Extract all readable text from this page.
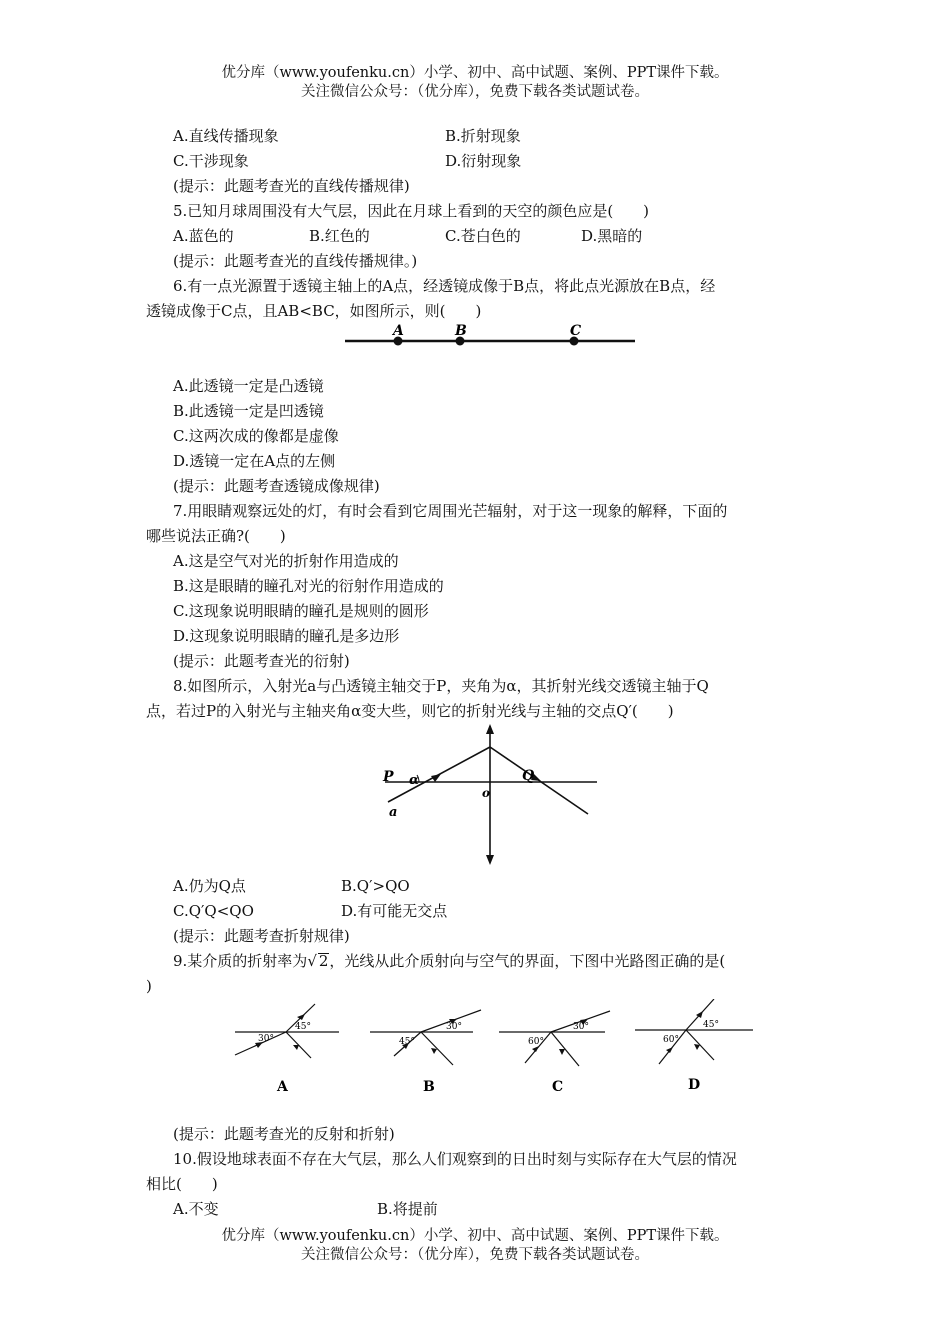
优分库（www.youfenku.cn）小学、初中、高中试题、案例、PPT课件下载。
关注微信公众号：（优分库），免费下载各类试题试卷。
A.直线传播现象	B.折射现象
C.干涉现象	D.衍射现象
(提示：此题考查光的直线传播规律)
5.已知月球周围没有大气层，因此在月球上看到的天空的颜色应是(　　)
A.蓝色的	B.红色的	C.苍白色的	D.黑暗的
(提示：此题考查光的直线传播规律。)
6.有一点光源置于透镜主轴上的A点，经透镜成像于B点，将此点光源放在B点，经
透镜成像于C点，且AB<BC，如图所示，则(　　)
A	B	C
A.此透镜一定是凸透镜
B.此透镜一定是凹透镜
C.这两次成的像都是虚像
D.透镜一定在A点的左侧
(提示：此题考查透镜成像规律)
7.用眼睛观察远处的灯，有时会看到它周围光芒辐射，对于这一现象的解释，下面的
哪些说法正确?(　　)
A.这是空气对光的折射作用造成的
B.这是眼睛的瞳孔对光的衍射作用造成的
C.这现象说明眼睛的瞳孔是规则的圆形
D.这现象说明眼睛的瞳孔是多边形
(提示：此题考查光的衍射)
8.如图所示，入射光a与凸透镜主轴交于P，夹角为α，其折射光线交透镜主轴于Q
点，若过P的入射光与主轴夹角α变大些，则它的折射光线与主轴的交点Q′(　　)
P α	Q
o
a
A.仍为Q点	B.Q′>QO
C.Q′Q<QO	D.有可能无交点
(提示：此题考查折射规律)
9.某介质的折射率为√ 2，光线从此介质射向与空气的界面，下图中光路图正确的是(
)
30°
45°
A
45°
30°
B
60°
30°
C
60°
45°
D
(提示：此题考查光的反射和折射)
10.假设地球表面不存在大气层，那么人们观察到的日出时刻与实际存在大气层的情况
相比(　　)
A.不变	B.将提前
优分库（www.youfenku.cn）小学、初中、高中试题、案例、PPT课件下载。
关注微信公众号：（优分库），免费下载各类试题试卷。
